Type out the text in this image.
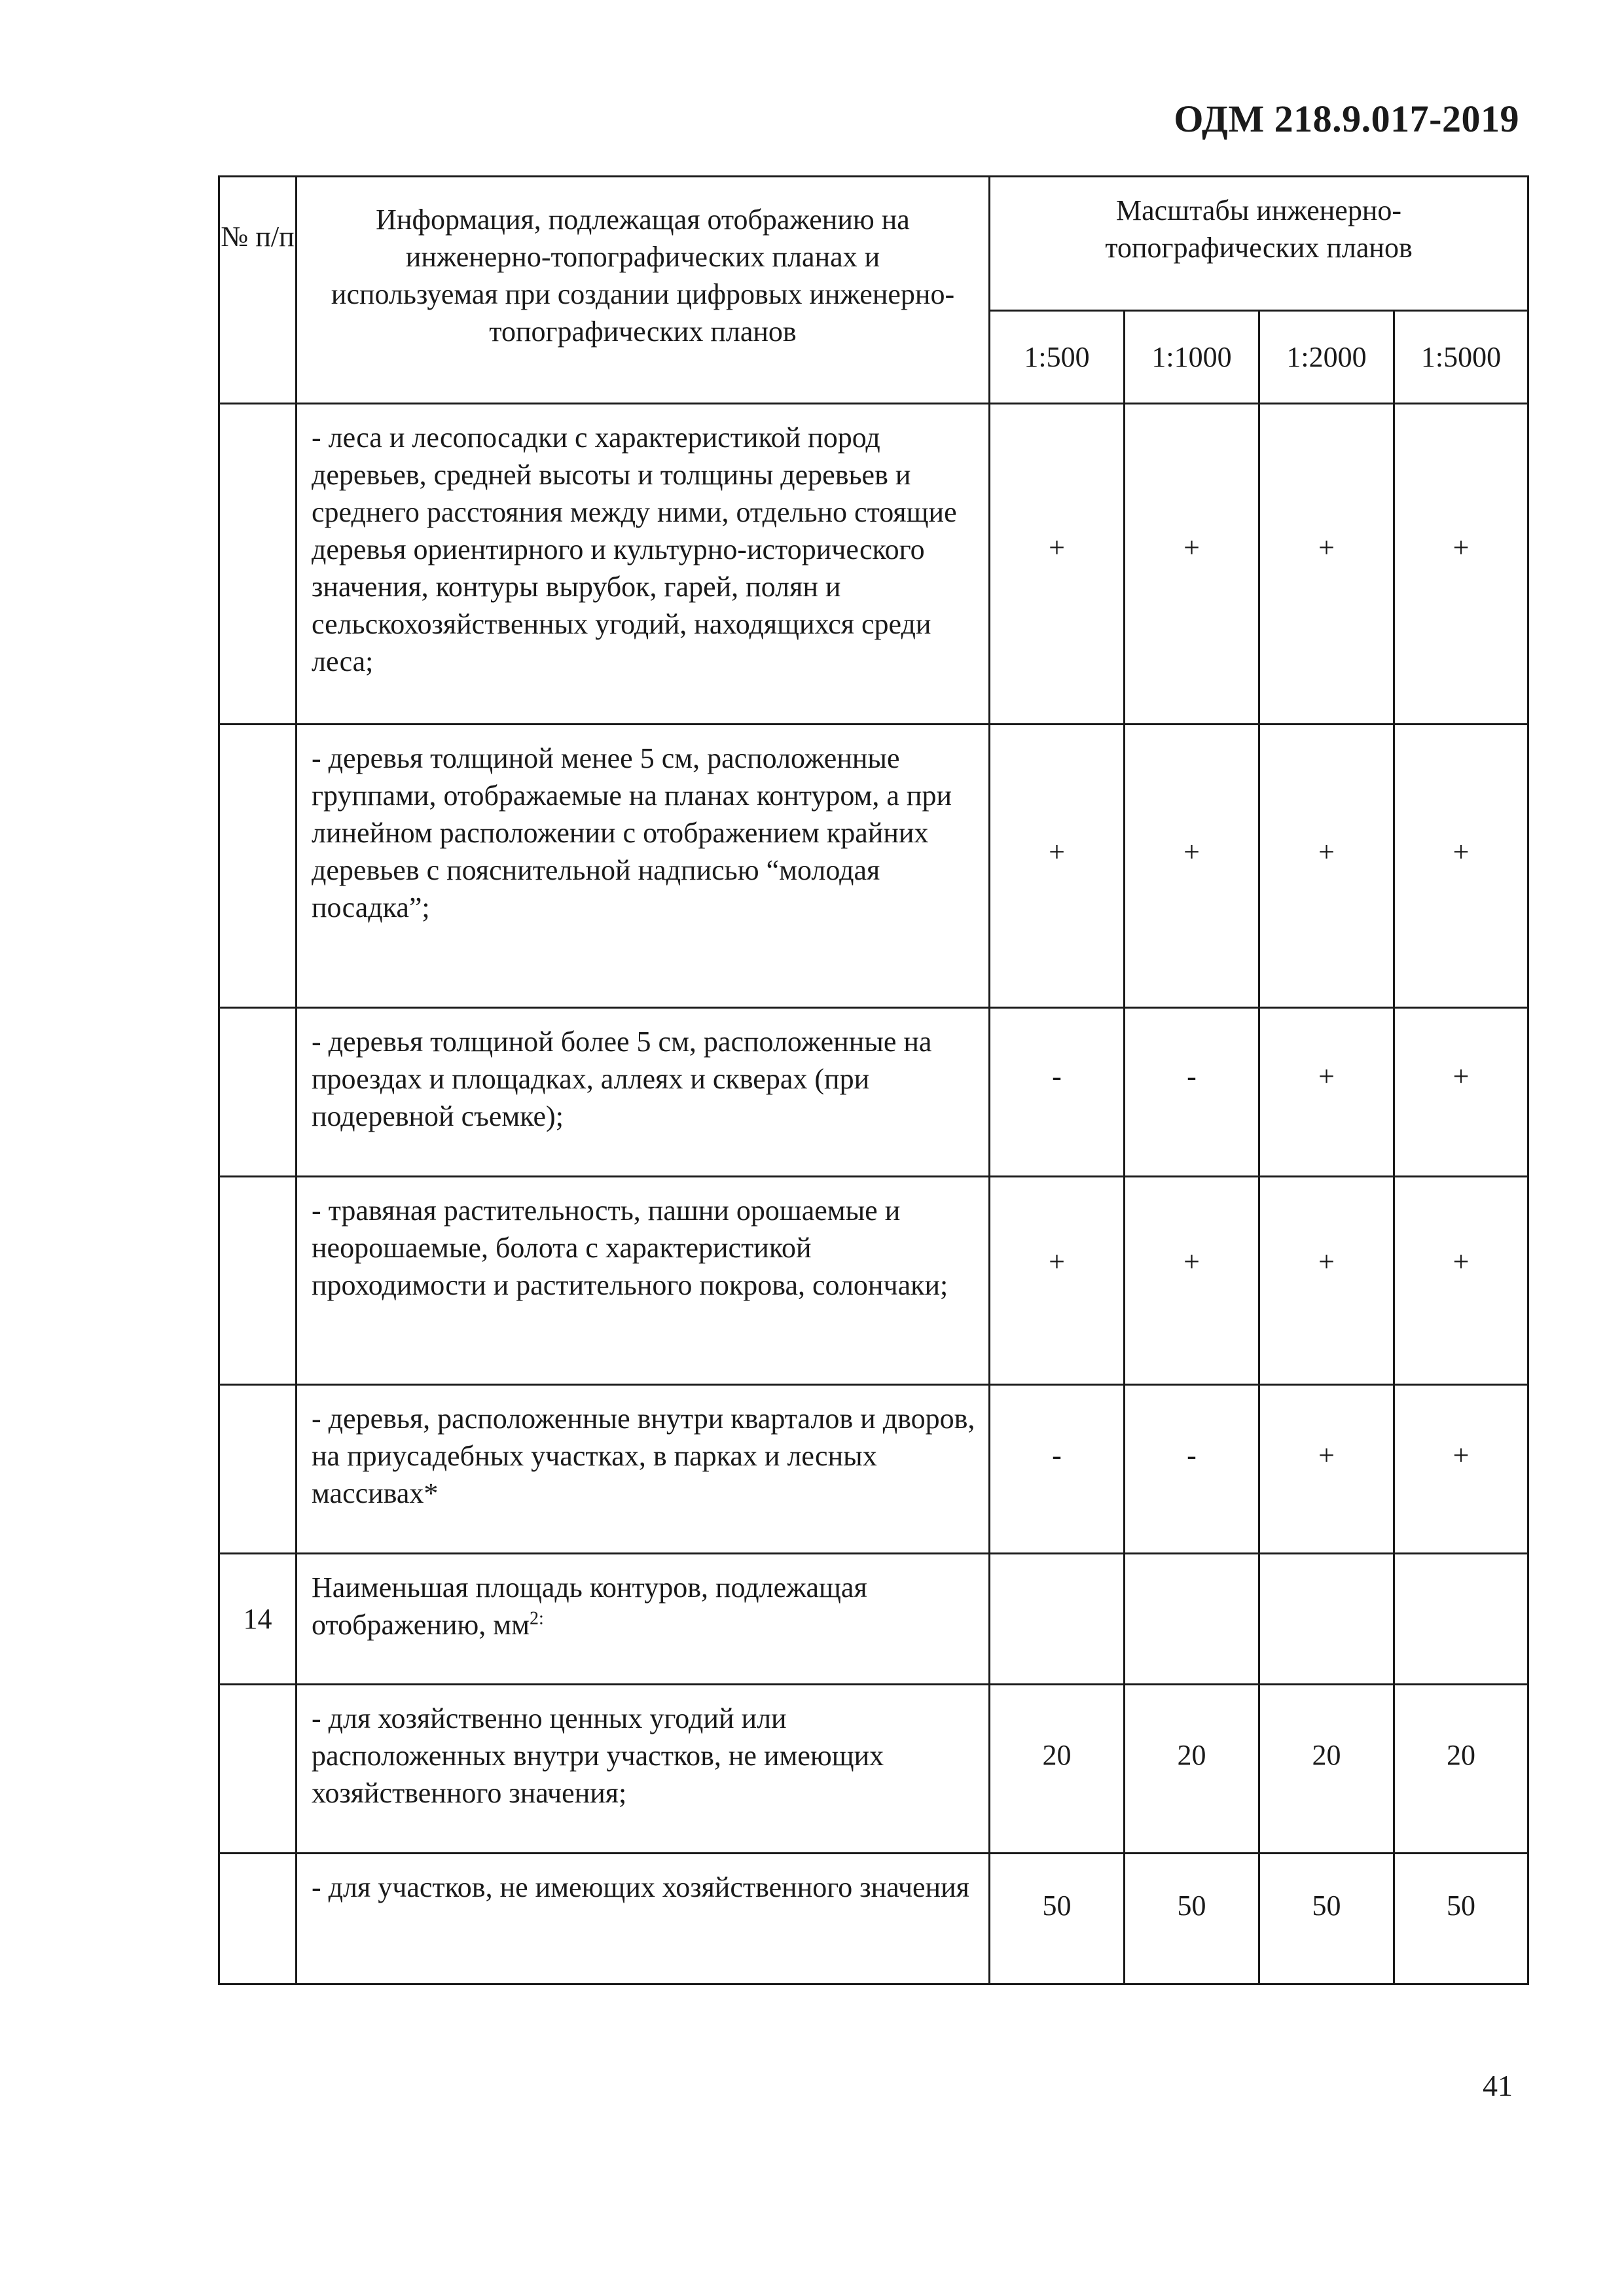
ОДМ 218.9.017-2019
№ п/п	Информация, подлежащая отображению на инженерно-топографических планах и используемая при создании цифровых инженерно-топографических планов	Масштабы инженерно-топографических планов			
		1:500	1:1000	1:2000	1:5000
	- леса и лесопосадки с характеристикой пород деревьев, средней высоты и толщины деревьев и среднего расстояния между ними, отдельно стоящие деревья ориентирного и культурно-исторического значения, контуры вырубок, гарей, полян и сельскохозяйственных угодий, находящихся среди леса;	+	+	+	+
	- деревья толщиной менее 5 см, расположенные группами, отображаемые на планах контуром, а при линейном расположении с отображением крайних деревьев с пояснительной надписью “молодая посадка”;	+	+	+	+
	- деревья толщиной более 5 см, расположенные на проездах и площадках, аллеях и скверах (при подеревной съемке);	-	-	+	+
	- травяная растительность, пашни орошаемые и неорошаемые, болота с характеристикой проходимости и растительного покрова, солончаки;	+	+	+	+
	- деревья, расположенные внутри кварталов и дворов, на приусадебных участках, в парках и лесных массивах*	-	-	+	+
14	Наименьшая площадь контуров, подлежащая отображению, $мм^{2:}$				
	- для хозяйственно ценных угодий или расположенных внутри участков, не имеющих хозяйственного значения;	20	20	20	20
	- для участков, не имеющих хозяйственного значения	50	50	50	50
41
